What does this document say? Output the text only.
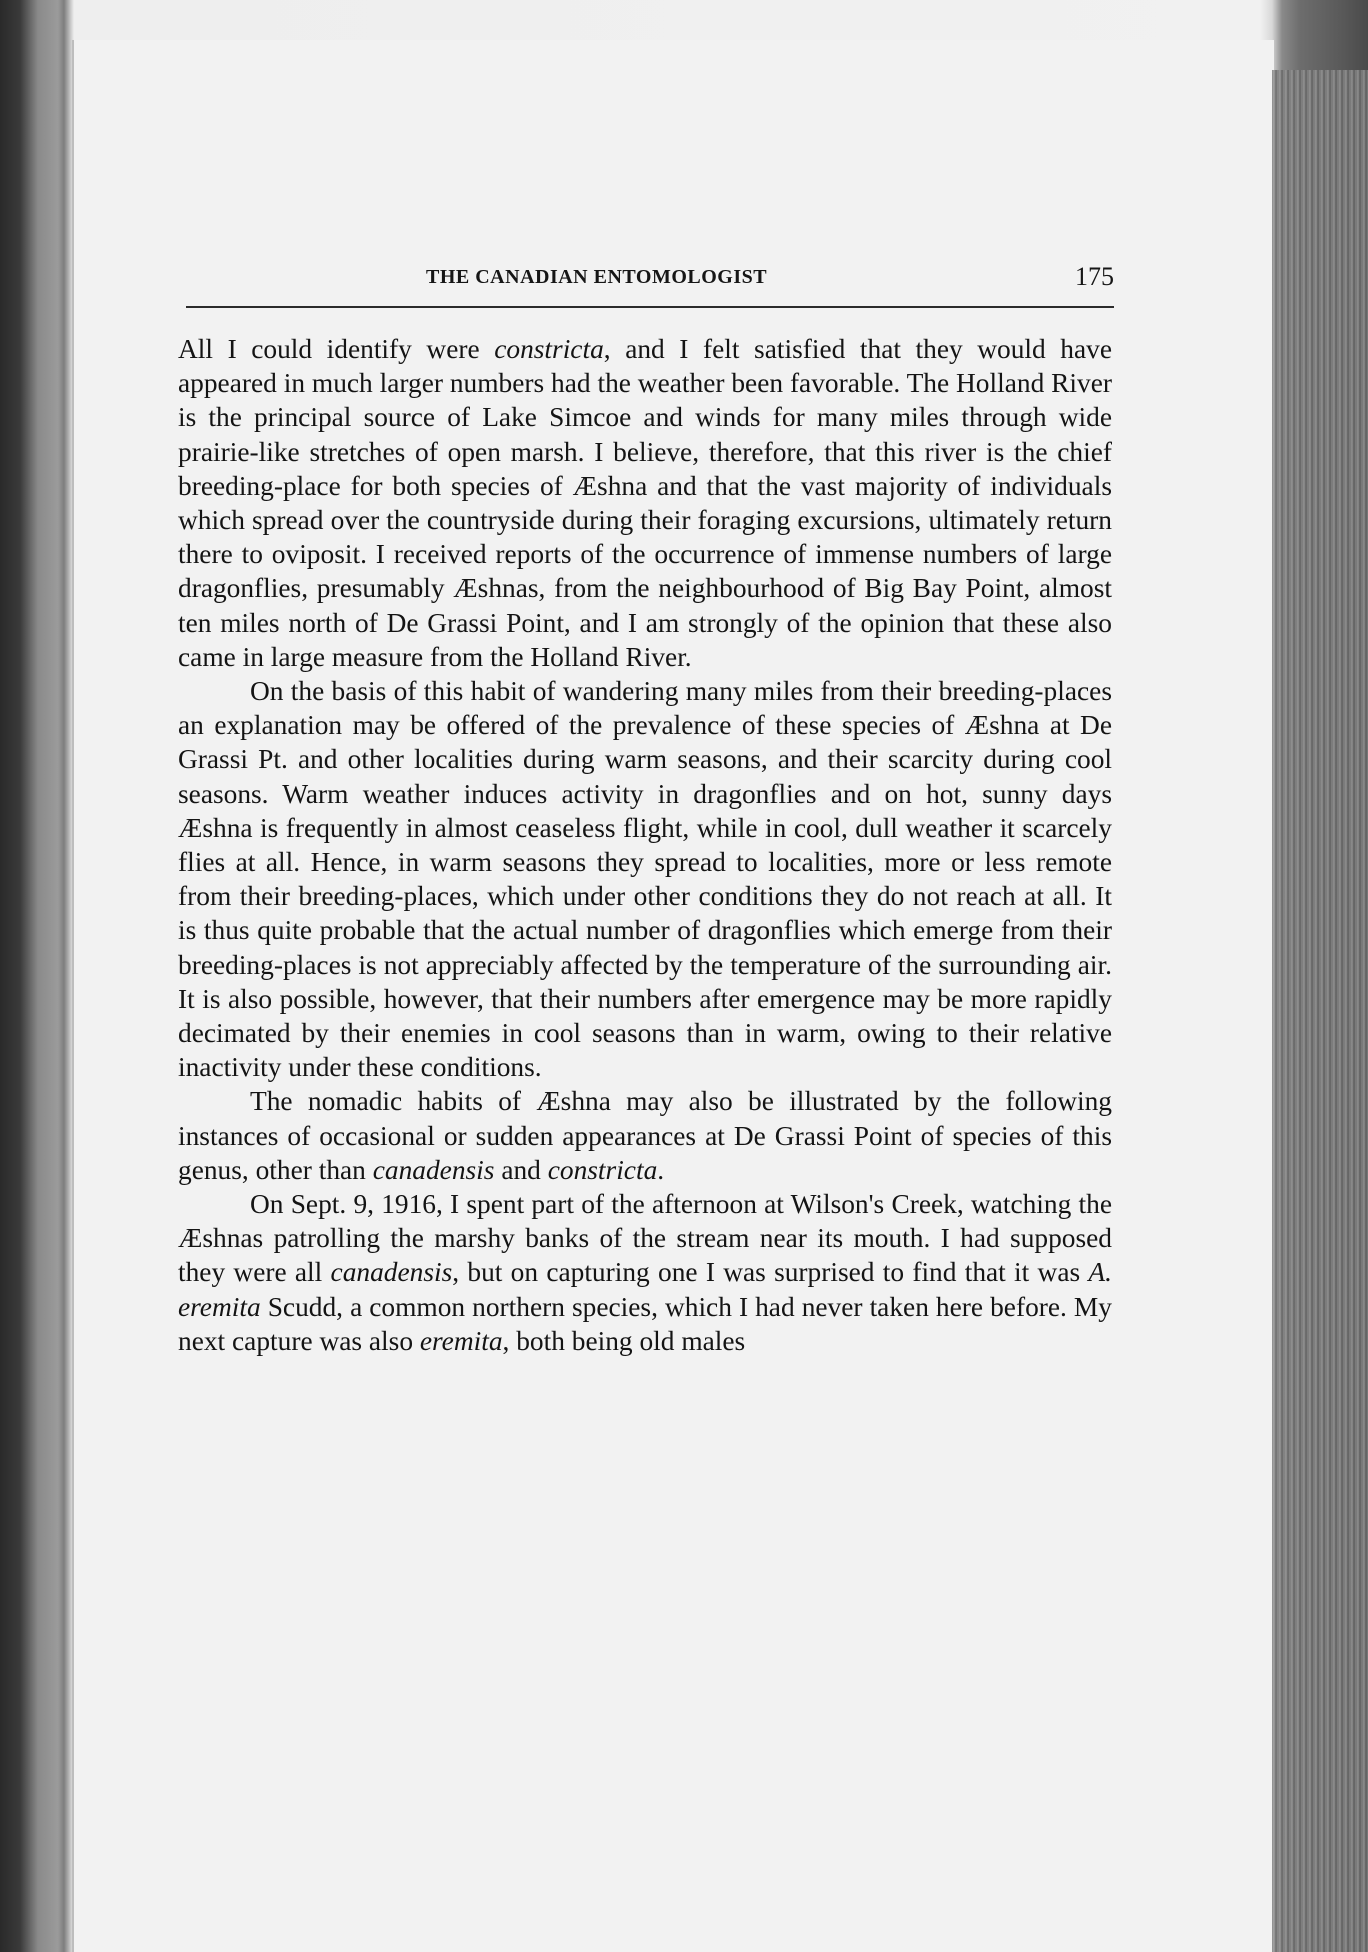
THE CANADIAN ENTOMOLOGIST	175

All I could identify were constricta, and I felt satisfied that they would have appeared in much larger numbers had the weather been favorable. The Holland River is the principal source of Lake Simcoe and winds for many miles through wide prairie-like stretches of open marsh. I believe, therefore, that this river is the chief breeding-place for both species of Æshna and that the vast majority of individuals which spread over the countryside during their foraging excursions, ultimately return there to oviposit. I received reports of the occurrence of immense numbers of large dragonflies, presumably Æshnas, from the neighbourhood of Big Bay Point, almost ten miles north of De Grassi Point, and I am strongly of the opinion that these also came in large measure from the Holland River.

On the basis of this habit of wandering many miles from their breeding-places an explanation may be offered of the prevalence of these species of Æshna at De Grassi Pt. and other localities during warm seasons, and their scarcity during cool seasons. Warm weather induces activity in dragonflies and on hot, sunny days Æshna is frequently in almost ceaseless flight, while in cool, dull weather it scarcely flies at all. Hence, in warm seasons they spread to localities, more or less remote from their breeding-places, which under other conditions they do not reach at all. It is thus quite probable that the actual number of dragonflies which emerge from their breeding-places is not appreciably affected by the temperature of the surrounding air. It is also possible, however, that their numbers after emergence may be more rapidly decimated by their enemies in cool seasons than in warm, owing to their relative inactivity under these conditions.

The nomadic habits of Æshna may also be illustrated by the following instances of occasional or sudden appearances at De Grassi Point of species of this genus, other than canadensis and constricta.

On Sept. 9, 1916, I spent part of the afternoon at Wilson's Creek, watching the Æshnas patrolling the marshy banks of the stream near its mouth. I had supposed they were all canadensis, but on capturing one I was surprised to find that it was A. eremita Scudd, a common northern species, which I had never taken here before. My next capture was also eremita, both being old males
